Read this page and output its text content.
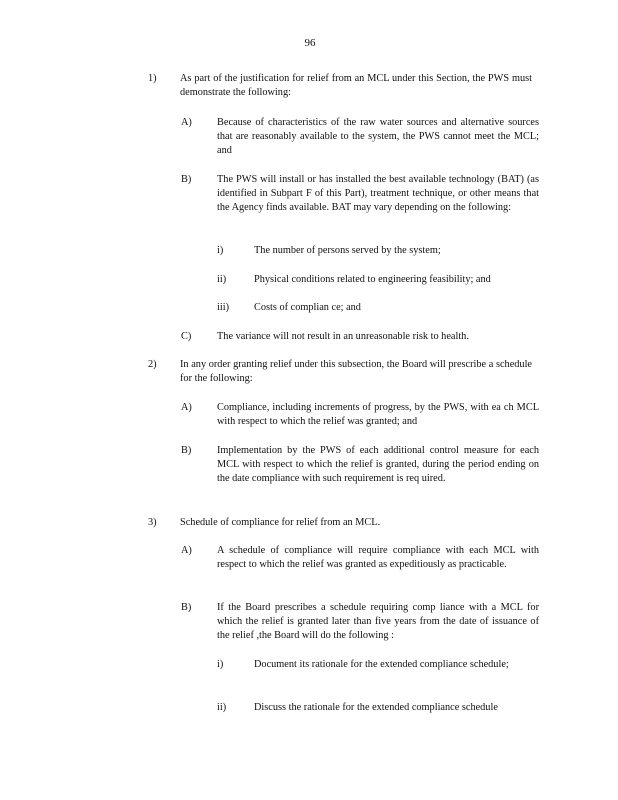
96
1) As part of the justification for relief from an MCL under this Section, the PWS must demonstrate the following:
A) Because of characteristics of the raw water sources and alternative sources that are reasonably available to the system, the PWS cannot meet the MCL; and
B) The PWS will install or has installed the best available technology (BAT) (as identified in Subpart F of this Part), treatment technique, or other means that the Agency finds available. BAT may vary depending on the following:
i)	The number of persons served by the system;
ii)	Physical conditions related to engineering feasibility; and
iii) Costs of complian ce; and
C) The variance will not result in an unreasonable risk to health.
2) In any order granting relief under this subsection, the Board will prescribe a schedule for the following:
A) Compliance, including increments of progress, by the PWS, with ea ch MCL with respect to which the relief was granted; and
B) Implementation by the PWS of each additional control measure for each MCL with respect to which the relief is granted, during the period ending on the date compliance with such requirement is req uired.
3) Schedule of compliance for relief from an MCL.
A) A schedule of compliance will require compliance with each MCL with respect to which the relief was granted as expeditiously as practicable.
B) If the Board prescribes a schedule requiring comp liance with a MCL for which the relief is granted later than five years from the date of issuance of the relief ,the Board will do the following :
i)	Document its rationale for the extended compliance schedule;
ii)	Discuss the rationale for the extended compliance schedule
